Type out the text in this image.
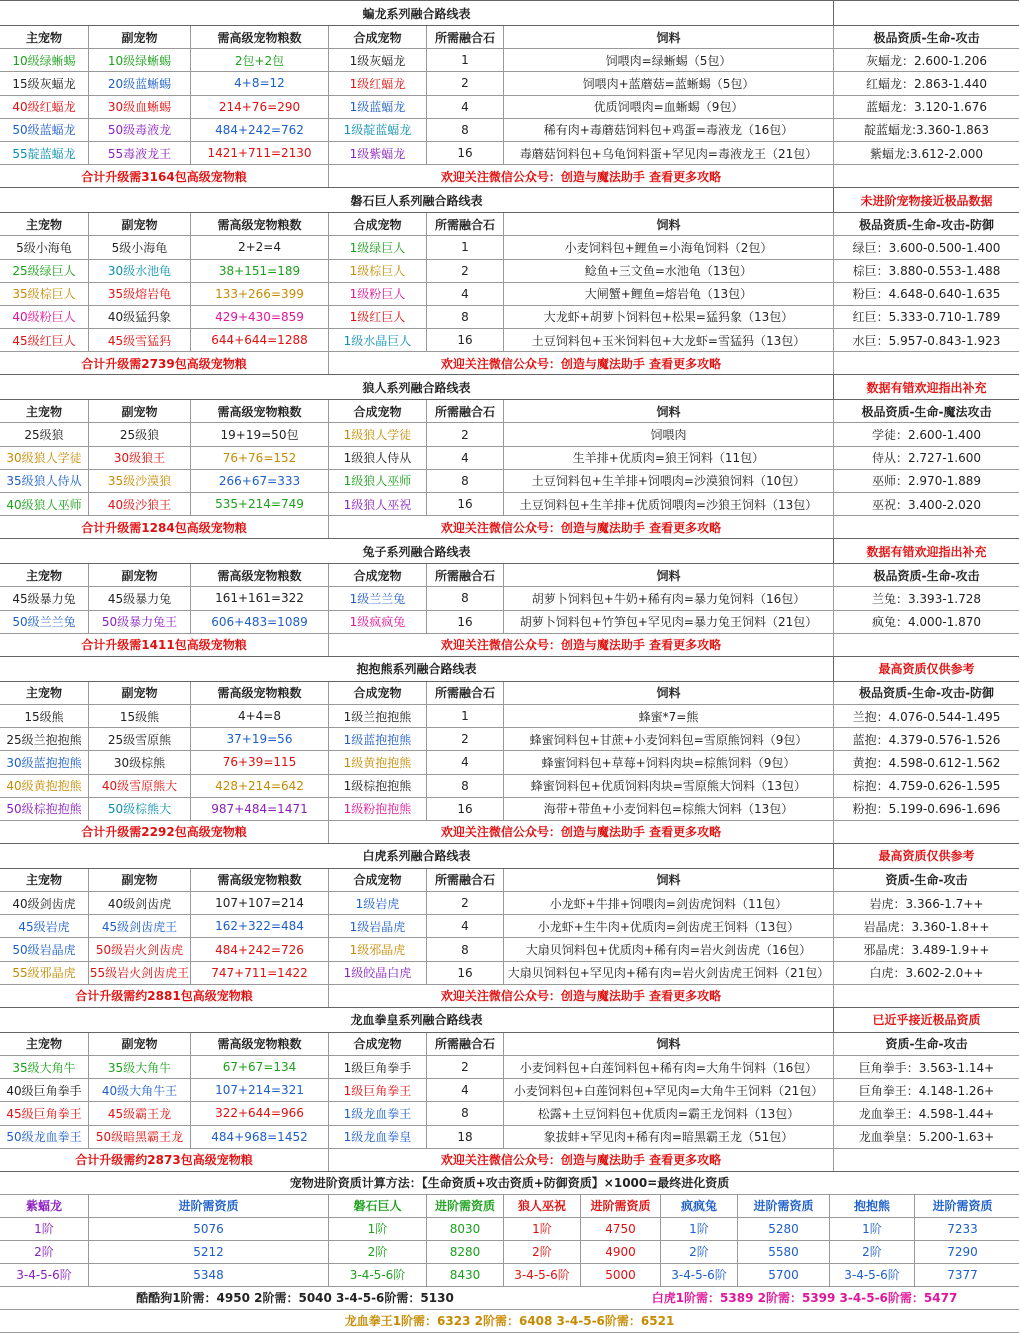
蝙龙系列融合路线表
主宠物	副宠物	需高级宠物粮数	合成宠物	所需融合石	饲料	极品资质-生命-攻击
10级绿蜥蜴	10级绿蜥蜴	2包+2包	1级灰蝠龙	1	饲喂肉=绿蜥蜴（5包）	灰蝠龙：2.600-1.206
15级灰蝠龙	20级蓝蜥蜴	4+8=12	1级红蝠龙	2	饲喂肉+蓝蘑菇=蓝蜥蜴（5包）	红蝠龙：2.863-1.440
40级红蝠龙	30级血蜥蜴	214+76=290	1级蓝蝠龙	4	优质饲喂肉=血蜥蜴（9包）	蓝蝠龙：3.120-1.676
50级蓝蝠龙	50级毒液龙	484+242=762	1级靛蓝蝠龙	8	稀有肉+毒蘑菇饲料包+鸡蛋=毒液龙（16包）	靛蓝蝠龙:3.360-1.863
55靛蓝蝠龙	55毒液龙王	1421+711=2130	1级紫蝠龙	16	毒蘑菇饲料包+乌龟饲料蛋+罕见肉=毒液龙王（21包）	紫蝠龙:3.612-2.000
合计升级需3164包高级宠物粮	欢迎关注微信公众号：创造与魔法助手 查看更多攻略
磐石巨人系列融合路线表	未进阶宠物接近极品数据
主宠物	副宠物	需高级宠物粮数	合成宠物	所需融合石	饲料	极品资质-生命-攻击-防御
5级小海龟	5级小海龟	2+2=4	1级绿巨人	1	小麦饲料包+鲤鱼=小海龟饲料（2包）	绿巨：3.600-0.500-1.400
25级绿巨人	30级水池龟	38+151=189	1级棕巨人	2	鲶鱼+三文鱼=水池龟（13包）	棕巨：3.880-0.553-1.488
35级棕巨人	35级熔岩龟	133+266=399	1级粉巨人	4	大闸蟹+鲤鱼=熔岩龟（13包）	粉巨：4.648-0.640-1.635
40级粉巨人	40级猛犸象	429+430=859	1级红巨人	8	大龙虾+胡萝卜饲料包+松果=猛犸象（13包）	红巨：5.333-0.710-1.789
45级红巨人	45级雪猛犸	644+644=1288	1级水晶巨人	16	土豆饲料包+玉米饲料包+大龙虾=雪猛犸（13包）	水巨：5.957-0.843-1.923
合计升级需2739包高级宠物粮	欢迎关注微信公众号：创造与魔法助手 查看更多攻略
狼人系列融合路线表	数据有错欢迎指出补充
主宠物	副宠物	需高级宠物粮数	合成宠物	所需融合石	饲料	极品资质-生命-魔法攻击
25级狼	25级狼	19+19=50包	1级狼人学徒	2	饲喂肉	学徒：2.600-1.400
30级狼人学徒	30级狼王	76+76=152	1级狼人侍从	4	生羊排+优质肉=狼王饲料（11包）	侍从：2.727-1.600
35级狼人侍从	35级沙漠狼	266+67=333	1级狼人巫师	8	土豆饲料包+生羊排+饲喂肉=沙漠狼饲料（10包）	巫师：2.970-1.889
40级狼人巫师	40级沙狼王	535+214=749	1级狼人巫祝	16	土豆饲料包+生羊排+优质饲喂肉=沙狼王饲料（13包）	巫祝：3.400-2.020
合计升级需1284包高级宠物粮	欢迎关注微信公众号：创造与魔法助手 查看更多攻略
兔子系列融合路线表	数据有错欢迎指出补充
主宠物	副宠物	需高级宠物粮数	合成宠物	所需融合石	饲料	极品资质-生命-攻击
45级暴力兔	45级暴力兔	161+161=322	1级兰兰兔	8	胡萝卜饲料包+牛奶+稀有肉=暴力兔饲料（16包）	兰兔：3.393-1.728
50级兰兰兔	50级暴力兔王	606+483=1089	1级疯疯兔	16	胡萝卜饲料包+竹笋包+罕见肉=暴力兔王饲料（21包）	疯兔：4.000-1.870
合计升级需1411包高级宠物粮	欢迎关注微信公众号：创造与魔法助手 查看更多攻略
抱抱熊系列融合路线表	最高资质仅供参考
主宠物	副宠物	需高级宠物粮数	合成宠物	所需融合石	饲料	极品资质-生命-攻击-防御
15级熊	15级熊	4+4=8	1级兰抱抱熊	1	蜂蜜*7=熊	兰抱：4.076-0.544-1.495
25级兰抱抱熊	25级雪原熊	37+19=56	1级蓝抱抱熊	2	蜂蜜饲料包+甘蔗+小麦饲料包=雪原熊饲料（9包）	蓝抱：4.379-0.576-1.526
30级蓝抱抱熊	30级棕熊	76+39=115	1级黄抱抱熊	4	蜂蜜饲料包+草莓+饲料肉块=棕熊饲料（9包）	黄抱：4.598-0.612-1.562
40级黄抱抱熊	40级雪原熊大	428+214=642	1级棕抱抱熊	8	蜂蜜饲料包+优质饲料肉块=雪原熊大饲料（13包）	棕抱：4.759-0.626-1.595
50级棕抱抱熊	50级棕熊大	987+484=1471	1级粉抱抱熊	16	海带+带鱼+小麦饲料包=棕熊大饲料（13包）	粉抱：5.199-0.696-1.696
合计升级需2292包高级宠物粮	欢迎关注微信公众号：创造与魔法助手 查看更多攻略
白虎系列融合路线表	最高资质仅供参考
主宠物	副宠物	需高级宠物粮数	合成宠物	所需融合石	饲料	资质-生命-攻击
40级剑齿虎	40级剑齿虎	107+107=214	1级岩虎	2	小龙虾+牛排+饲喂肉=剑齿虎饲料（11包）	岩虎：3.366-1.7++
45级岩虎	45级剑齿虎王	162+322=484	1级岩晶虎	4	小龙虾+生牛肉+优质肉=剑齿虎王饲料（13包）	岩晶虎：3.360-1.8++
50级岩晶虎	50级岩火剑齿虎	484+242=726	1级邪晶虎	8	大扇贝饲料包+优质肉+稀有肉=岩火剑齿虎（16包）	邪晶虎：3.489-1.9++
55级邪晶虎	55级岩火剑齿虎王	747+711=1422	1级皎晶白虎	16	大扇贝饲料包+罕见肉+稀有肉=岩火剑齿虎王饲料（21包）	白虎：3.602-2.0++
合计升级需约2881包高级宠物粮	欢迎关注微信公众号：创造与魔法助手 查看更多攻略
龙血拳皇系列融合路线表	已近乎接近极品资质
主宠物	副宠物	需高级宠物粮数	合成宠物	所需融合石	饲料	资质-生命-攻击
35级大角牛	35级大角牛	67+67=134	1级巨角拳手	2	小麦饲料包+白莲饲料包+稀有肉=大角牛饲料（16包）	巨角拳手：3.563-1.14+
40级巨角拳手	40级大角牛王	107+214=321	1级巨角拳王	4	小麦饲料包+白莲饲料包+罕见肉=大角牛王饲料（21包）	巨角拳王：4.148-1.26+
45级巨角拳王	45级霸王龙	322+644=966	1级龙血拳王	8	松露+土豆饲料包+优质肉=霸王龙饲料（13包）	龙血拳王：4.598-1.44+
50级龙血拳王	50级暗黑霸王龙	484+968=1452	1级龙血拳皇	18	象拔蚌+罕见肉+稀有肉=暗黑霸王龙（51包）	龙血拳皇：5.200-1.63+
合计升级需约2873包高级宠物粮	欢迎关注微信公众号：创造与魔法助手 查看更多攻略
宠物进阶资质计算方法：【生命资质+攻击资质+防御资质】×1000=最终进化资质
紫蝠龙	进阶需资质	磐石巨人	进阶需资质	狼人巫祝	进阶需资质	疯疯兔	进阶需资质	抱抱熊	进阶需资质
1阶	5076	1阶	8030	1阶	4750	1阶	5280	1阶	7233
2阶	5212	2阶	8280	2阶	4900	2阶	5580	2阶	7290
3-4-5-6阶	5348	3-4-5-6阶	8430	3-4-5-6阶	5000	3-4-5-6阶	5700	3-4-5-6阶	7377
酷酷狗1阶需：4950 2阶需：5040 3-4-5-6阶需：5130	白虎1阶需：5389 2阶需：5399 3-4-5-6阶需：5477
龙血拳王1阶需：6323 2阶需：6408 3-4-5-6阶需：6521
